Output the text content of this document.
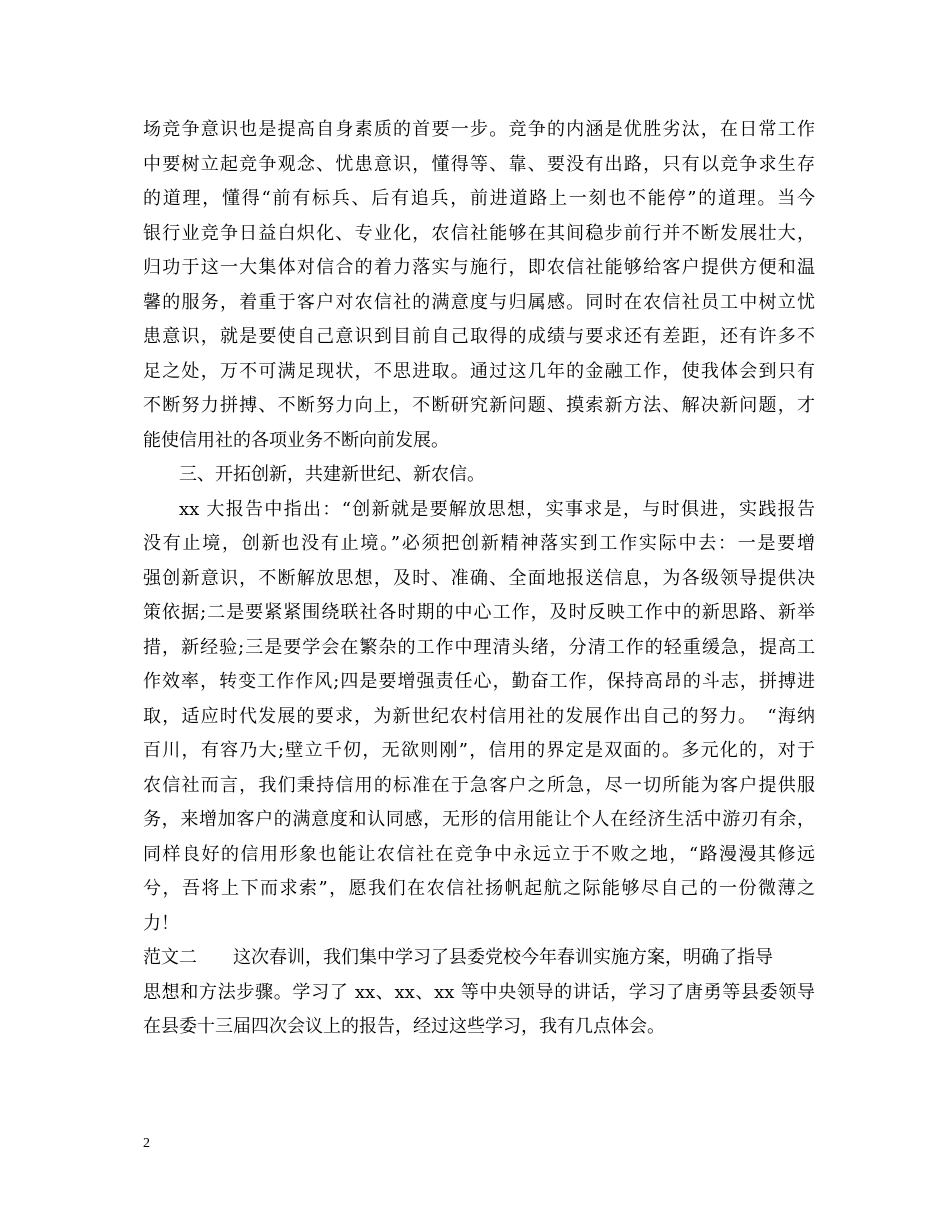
场竞争意识也是提高自身素质的首要一步。竞争的内涵是优胜劣汰，在日常工作
中要树立起竞争观念、忧患意识，懂得等、靠、要没有出路，只有以竞争求生存
的道理，懂得“前有标兵、后有追兵，前进道路上一刻也不能停”的道理。当今
银行业竞争日益白炽化、专业化，农信社能够在其间稳步前行并不断发展壮大，
归功于这一大集体对信合的着力落实与施行，即农信社能够给客户提供方便和温
馨的服务，着重于客户对农信社的满意度与归属感。同时在农信社员工中树立忧
患意识，就是要使自己意识到目前自己取得的成绩与要求还有差距，还有许多不
足之处，万不可满足现状，不思进取。通过这几年的金融工作，使我体会到只有
不断努力拼搏、不断努力向上，不断研究新问题、摸索新方法、解决新问题，才
能使信用社的各项业务不断向前发展。
三、开拓创新，共建新世纪、新农信。
xx 大报告中指出：“创新就是要解放思想，实事求是，与时俱进，实践报告
没有止境，创新也没有止境。”必须把创新精神落实到工作实际中去：一是要增
强创新意识，不断解放思想，及时、准确、全面地报送信息，为各级领导提供决
策依据;二是要紧紧围绕联社各时期的中心工作，及时反映工作中的新思路、新举
措，新经验;三是要学会在繁杂的工作中理清头绪，分清工作的轻重缓急，提高工
作效率，转变工作作风;四是要增强责任心，勤奋工作，保持高昂的斗志，拼搏进
取，适应时代发展的要求，为新世纪农村信用社的发展作出自己的努力。　“海纳
百川，有容乃大;壁立千仞，无欲则刚”，信用的界定是双面的。多元化的，对于
农信社而言，我们秉持信用的标准在于急客户之所急，尽一切所能为客户提供服
务，来增加客户的满意度和认同感，无形的信用能让个人在经济生活中游刃有余，
同样良好的信用形象也能让农信社在竞争中永远立于不败之地，“路漫漫其修远
兮，吾将上下而求索”，愿我们在农信社扬帆起航之际能够尽自己的一份微薄之
力！
范文二 这次春训，我们集中学习了县委党校今年春训实施方案，明确了指导
思想和方法步骤。学习了 xx、xx、xx 等中央领导的讲话，学习了唐勇等县委领导
在县委十三届四次会议上的报告，经过这些学习，我有几点体会。
2
